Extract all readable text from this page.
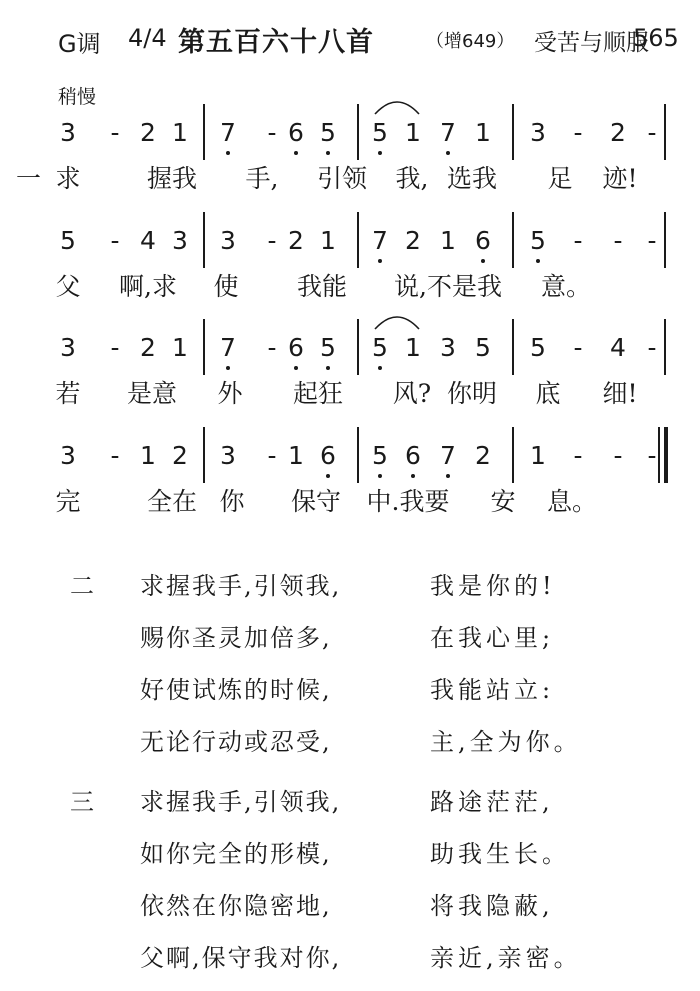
G调 4/4 第五百六十八首	（增649） 受苦与顺服
565
稍慢
一
3 - 2 1 7 - 6 5 5 1 7 1 3 - 2 -
求	握我 手, 引领 我, 选我 足 迹!
5 - 4 3 3 - 2 1 7 2 1 6 5 - - -
父 啊,求 使 我能 说,不是我 意。
3 - 2 1 7 - 6 5 5 1 3 5 5 - 4 -
若 是意 外 起狂 风? 你明 底 细!
3 - 1 2 3 - 1 6 5 6 7 2 1 - - -
完	全在 你 保守 中.我要 安 息。
二 求握我手,引领我,	我是你的!
赐你圣灵加倍多,	在我心里;
好使试炼的时候,	我能站立:
无论行动或忍受,	主,全为你。
三 求握我手,引领我,	路途茫茫,
如你完全的形模,	助我生长。
依然在你隐密地,	将我隐蔽,
父啊,保守我对你,	亲近,亲密。
